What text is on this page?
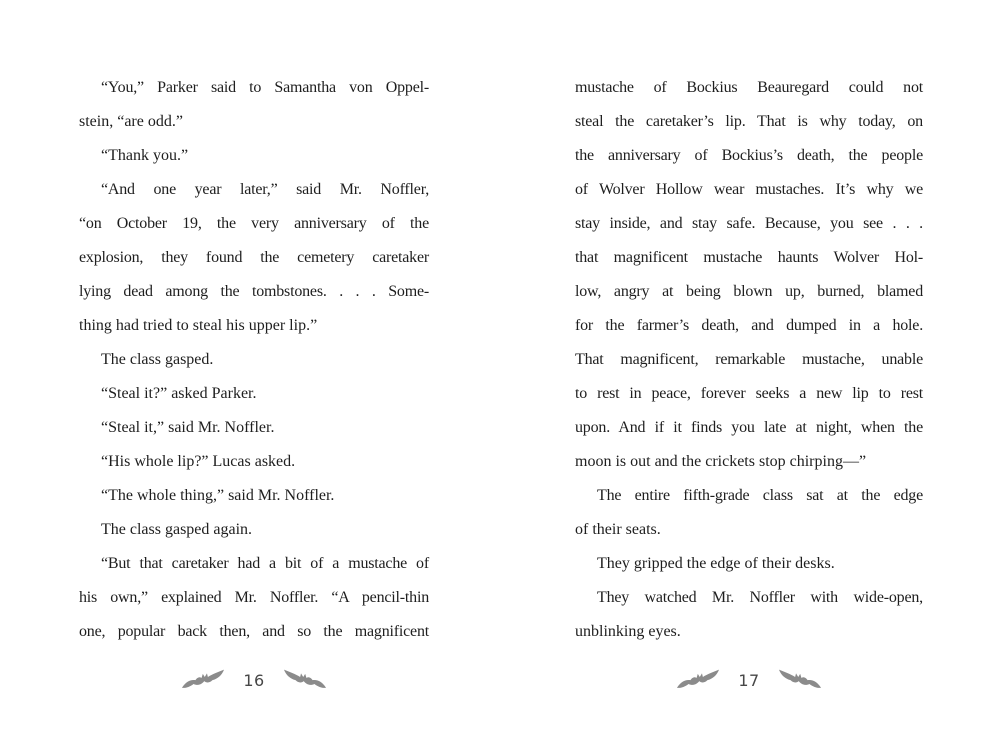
“You,” Parker said to Samantha von Oppel-
stein, “are odd.”
“Thank you.”
“And one year later,” said Mr. Noffler,
“on October 19, the very anniversary of the
explosion, they found the cemetery caretaker
lying dead among the tombstones. . . . Some-
thing had tried to steal his upper lip.”
The class gasped.
“Steal it?” asked Parker.
“Steal it,” said Mr. Noffler.
“His whole lip?” Lucas asked.
“The whole thing,” said Mr. Noffler.
The class gasped again.
“But that caretaker had a bit of a mustache of
his own,” explained Mr. Noffler. “A pencil-thin
one, popular back then, and so the magnificent
16
mustache of Bockius Beauregard could not
steal the caretaker’s lip. That is why today, on
the anniversary of Bockius’s death, the people
of Wolver Hollow wear mustaches. It’s why we
stay inside, and stay safe. Because, you see . . .
that magnificent mustache haunts Wolver Hol-
low, angry at being blown up, burned, blamed
for the farmer’s death, and dumped in a hole.
That magnificent, remarkable mustache, unable
to rest in peace, forever seeks a new lip to rest
upon. And if it finds you late at night, when the
moon is out and the crickets stop chirping—”
The entire fifth-grade class sat at the edge
of their seats.
They gripped the edge of their desks.
They watched Mr. Noffler with wide-open,
unblinking eyes.
17
